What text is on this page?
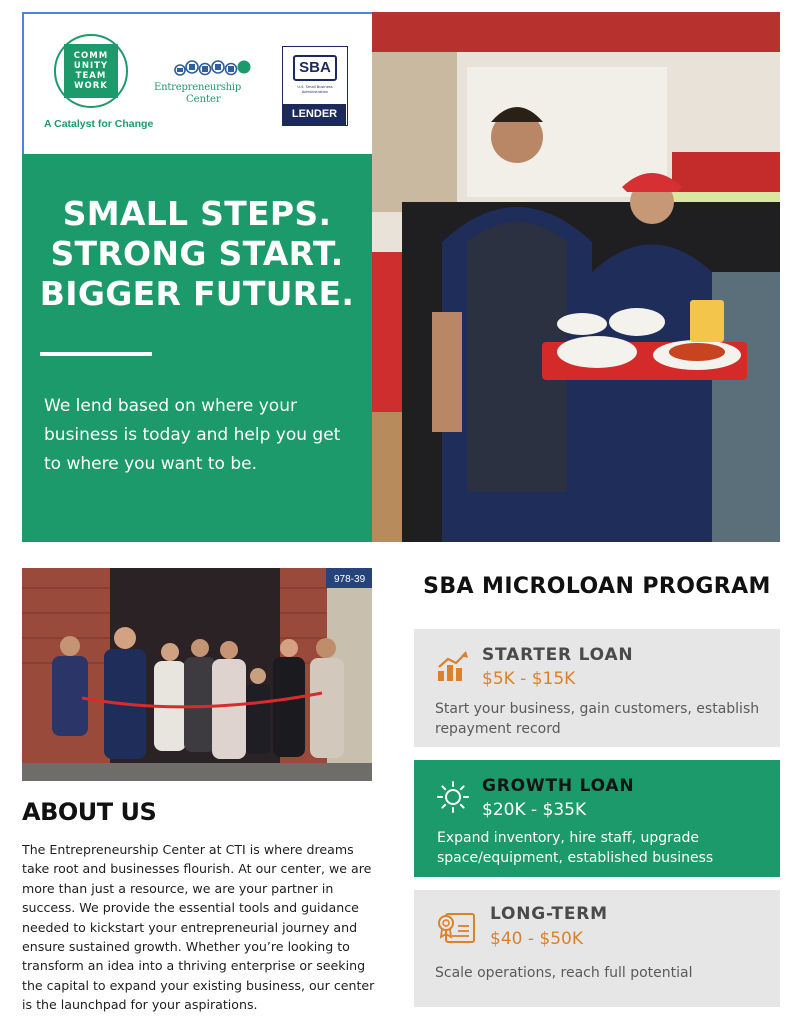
COMM
UNITY
TEAM
WORK
A Catalyst for Change
Entrepreneurship
Center
SBA
U.S. Small Business Administration
LENDER
SMALL STEPS.
STRONG START.
BIGGER FUTURE.
We lend based on where your business is today and help you get to where you want to be.
978-39
ABOUT US
The Entrepreneurship Center at CTI is where dreams take root and businesses flourish. At our center, we are more than just a resource, we are your partner in success. We provide the essential tools and guidance needed to kickstart your entrepreneurial journey and ensure sustained growth. Whether you’re looking to transform an idea into a thriving enterprise or seeking the capital to expand your existing business, our center is the launchpad for your aspirations.
SBA MICROLOAN PROGRAM
STARTER LOAN
$5K - $15K
Start your business, gain customers, establish repayment record
GROWTH LOAN
$20K - $35K
Expand inventory, hire staff, upgrade space/equipment, established business
LONG-TERM
$40 - $50K
Scale operations, reach full potential
